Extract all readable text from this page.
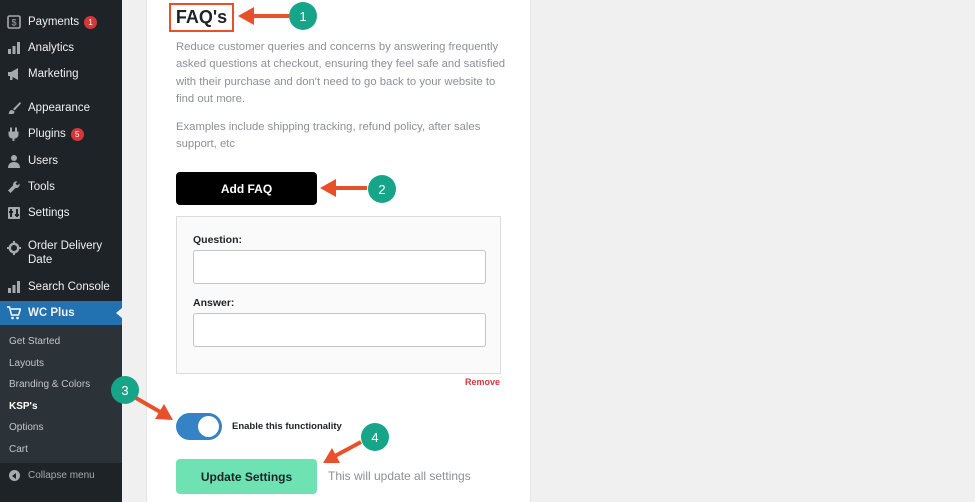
$ Payments	1
Analytics
Marketing
Appearance
Plugins	5
Users
Tools
Settings
Order Delivery
Date
Search Console
WC Plus
Get Started
Layouts
Branding & Colors
KSP's
Options
Cart
Collapse menu
FAQ's

Reduce customer queries and concerns by answering frequently asked questions at checkout, ensuring they feel safe and satisfied with their purchase and don't need to go back to your website to find out more.

Examples include shipping tracking, refund policy, after sales support, etc

Add FAQ
Question:
Answer:
Remove
Enable this functionality
Update Settings	This will update all settings
1
2
3
4
